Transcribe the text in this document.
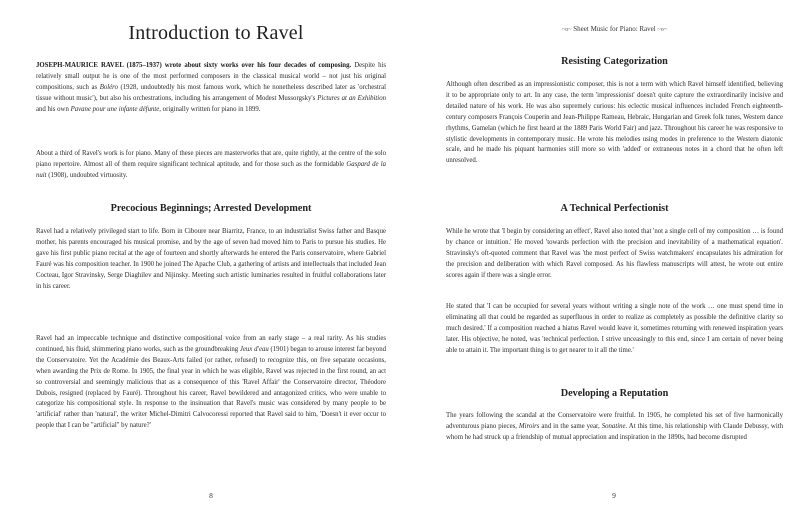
Introduction to Ravel

JOSEPH-MAURICE RAVEL (1875–1937) wrote about sixty works over his four decades of composing. Despite his relatively small output he is one of the most performed composers in the classical musical world – not just his original compositions, such as Boléro (1928, undoubtedly his most famous work, which he nonetheless described later as 'orchestral tissue without music'), but also his orchestrations, including his arrangement of Modest Mussorgsky's Pictures at an Exhibition and his own Pavane pour une infante défunte, originally written for piano in 1899.

About a third of Ravel's work is for piano. Many of these pieces are masterworks that are, quite rightly, at the centre of the solo piano repertoire. Almost all of them require significant technical aptitude, and for those such as the formidable Gaspard de la nuit (1908), undoubted virtuosity.

Precocious Beginnings; Arrested Development

Ravel had a relatively privileged start to life. Born in Ciboure near Biarritz, France, to an industrialist Swiss father and Basque mother, his parents encouraged his musical promise, and by the age of seven had moved him to Paris to pursue his studies. He gave his first public piano recital at the age of fourteen and shortly afterwards he entered the Paris conservatoire, where Gabriel Fauré was his composition teacher. In 1900 he joined The Apache Club, a gathering of artists and intellectuals that included Jean Cocteau, Igor Stravinsky, Serge Diaghilev and Nijinsky. Meeting such artistic luminaries resulted in fruitful collaborations later in his career.

Ravel had an impeccable technique and distinctive compositional voice from an early stage – a real rarity. As his studies continued, his fluid, shimmering piano works, such as the groundbreaking Jeux d'eau (1901) began to arouse interest far beyond the Conservatoire. Yet the Académie des Beaux-Arts failed (or rather, refused) to recognize this, on five separate occasions, when awarding the Prix de Rome. In 1905, the final year in which he was eligible, Ravel was rejected in the first round, an act so controversial and seemingly malicious that as a consequence of this 'Ravel Affair' the Conservatoire director, Théodore Dubois, resigned (replaced by Fauré). Throughout his career, Ravel bewildered and antagonized critics, who were unable to categorize his compositional style. In response to the insinuation that Ravel's music was considered by many people to be 'artificial' rather than 'natural', the writer Michel-Dimitri Calvocoressi reported that Ravel said to him, 'Doesn't it ever occur to people that I can be "artificial" by nature?'

8
~o~ Sheet Music for Piano: Ravel ~o~
Resisting Categorization

Although often described as an impressionistic composer, this is not a term with which Ravel himself identified, believing it to be appropriate only to art. In any case, the term 'impressionist' doesn't quite capture the extraordinarily incisive and detailed nature of his work. He was also supremely curious: his eclectic musical influences included French eighteenth-century composers François Couperin and Jean-Philippe Rameau, Hebraic, Hungarian and Greek folk tunes, Western dance rhythms, Gamelan (which he first heard at the 1889 Paris World Fair) and jazz. Throughout his career he was responsive to stylistic developments in contemporary music. He wrote his melodies using modes in preference to the Western diatonic scale, and he made his piquant harmonies still more so with 'added' or extraneous notes in a chord that he often left unresolved.

A Technical Perfectionist

While he wrote that 'I begin by considering an effect', Ravel also noted that 'not a single cell of my composition … is found by chance or intuition.' He moved 'towards perfection with the precision and inevitability of a mathematical equation'. Stravinsky's oft-quoted comment that Ravel was 'the most perfect of Swiss watchmakers' encapsulates his admiration for the precision and deliberation with which Ravel composed. As his flawless manuscripts will attest, he wrote out entire scores again if there was a single error.

He stated that 'I can be occupied for several years without writing a single note of the work … one must spend time in eliminating all that could be regarded as superfluous in order to realize as completely as possible the definitive clarity so much desired.' If a composition reached a hiatus Ravel would leave it, sometimes returning with renewed inspiration years later. His objective, he noted, was 'technical perfection. I strive unceasingly to this end, since I am certain of never being able to attain it. The important thing is to get nearer to it all the time.'

Developing a Reputation

The years following the scandal at the Conservatoire were fruitful. In 1905, he completed his set of five harmonically adventurous piano pieces, Miroirs and in the same year, Sonatine. At this time, his relationship with Claude Debussy, with whom he had struck up a friendship of mutual appreciation and inspiration in the 1890s, had become disrupted

9
